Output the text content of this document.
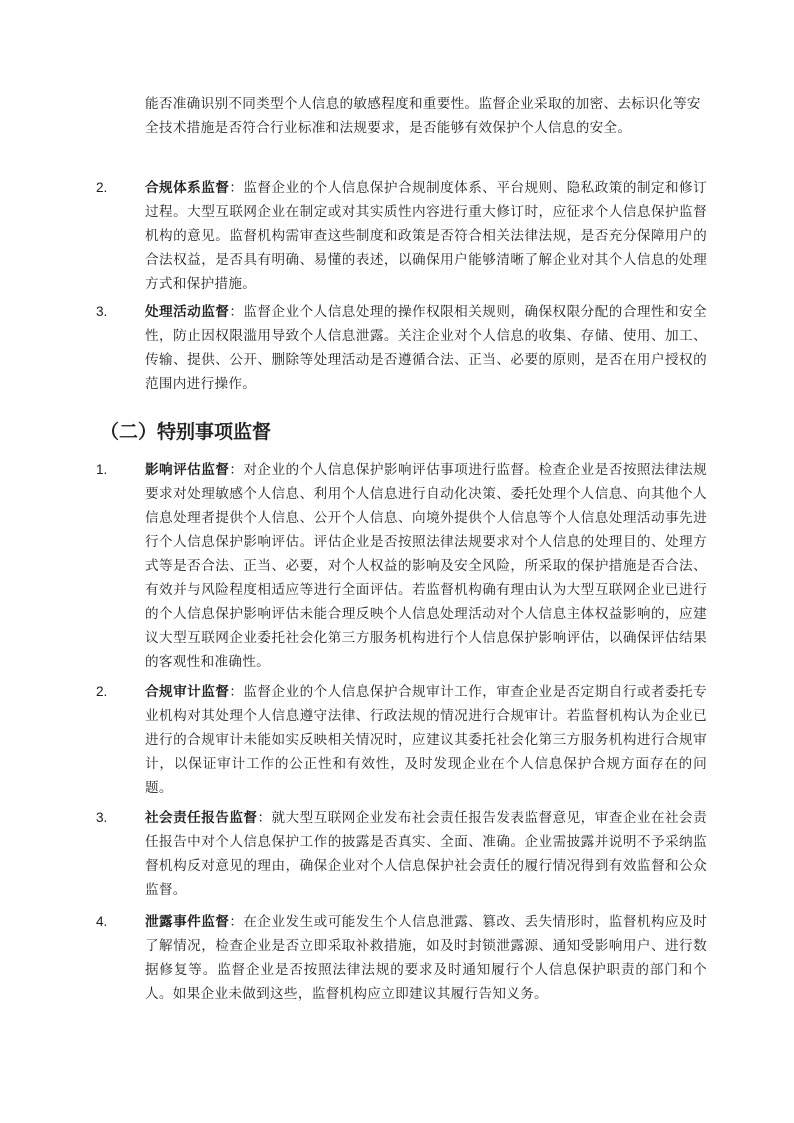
能否准确识别不同类型个人信息的敏感程度和重要性。监督企业采取的加密、去标识化等安全技术措施是否符合行业标准和法规要求，是否能够有效保护个人信息的安全。
2.	合规体系监督：监督企业的个人信息保护合规制度体系、平台规则、隐私政策的制定和修订过程。大型互联网企业在制定或对其实质性内容进行重大修订时，应征求个人信息保护监督机构的意见。监督机构需审查这些制度和政策是否符合相关法律法规，是否充分保障用户的合法权益，是否具有明确、易懂的表述，以确保用户能够清晰了解企业对其个人信息的处理方式和保护措施。
3.	处理活动监督：监督企业个人信息处理的操作权限相关规则，确保权限分配的合理性和安全性，防止因权限滥用导致个人信息泄露。关注企业对个人信息的收集、存储、使用、加工、传输、提供、公开、删除等处理活动是否遵循合法、正当、必要的原则，是否在用户授权的范围内进行操作。
（二）特别事项监督
1.	影响评估监督：对企业的个人信息保护影响评估事项进行监督。检查企业是否按照法律法规要求对处理敏感个人信息、利用个人信息进行自动化决策、委托处理个人信息、向其他个人信息处理者提供个人信息、公开个人信息、向境外提供个人信息等个人信息处理活动事先进行个人信息保护影响评估。评估企业是否按照法律法规要求对个人信息的处理目的、处理方式等是否合法、正当、必要，对个人权益的影响及安全风险，所采取的保护措施是否合法、有效并与风险程度相适应等进行全面评估。若监督机构确有理由认为大型互联网企业已进行的个人信息保护影响评估未能合理反映个人信息处理活动对个人信息主体权益影响的，应建议大型互联网企业委托社会化第三方服务机构进行个人信息保护影响评估，以确保评估结果的客观性和准确性。
2.	合规审计监督：监督企业的个人信息保护合规审计工作，审查企业是否定期自行或者委托专业机构对其处理个人信息遵守法律、行政法规的情况进行合规审计。若监督机构认为企业已进行的合规审计未能如实反映相关情况时，应建议其委托社会化第三方服务机构进行合规审计，以保证审计工作的公正性和有效性，及时发现企业在个人信息保护合规方面存在的问题。
3.	社会责任报告监督：就大型互联网企业发布社会责任报告发表监督意见，审查企业在社会责任报告中对个人信息保护工作的披露是否真实、全面、准确。企业需披露并说明不予采纳监督机构反对意见的理由，确保企业对个人信息保护社会责任的履行情况得到有效监督和公众监督。
4.	泄露事件监督：在企业发生或可能发生个人信息泄露、篡改、丢失情形时，监督机构应及时了解情况，检查企业是否立即采取补救措施，如及时封锁泄露源、通知受影响用户、进行数据修复等。监督企业是否按照法律法规的要求及时通知履行个人信息保护职责的部门和个人。如果企业未做到这些，监督机构应立即建议其履行告知义务。
